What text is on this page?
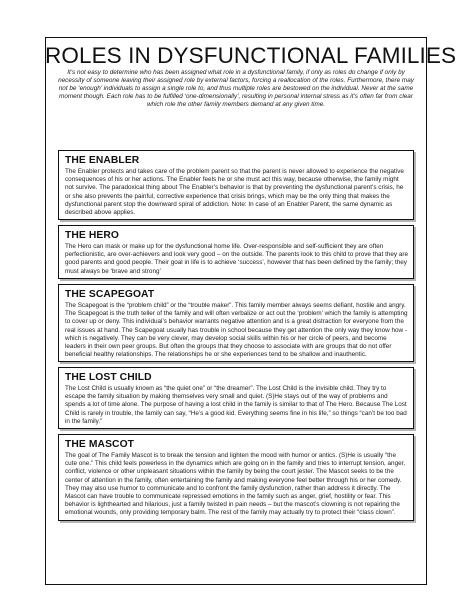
ROLES IN DYSFUNCTIONAL FAMILIES
It’s not easy to determine who has been assigned what role in a dysfunctional family, if only as roles do change if only by necessity of someone leaving their assigned role by external factors, forcing a reallocation of the roles. Furthermore, there may not be ‘enough’ individuals to assign a single role to, and thus multiple roles are bestowed on the individual. Never at the same moment though. Each role has to be fulfilled ‘one-dimensionally’, resulting in personal internal stress as it’s often far from clear which role the other family members demand at any given time.
THE ENABLER

The Enabler protects and takes care of the problem parent so that the parent is never allowed to experience the negative consequences of his or her actions. The Enabler feels he or she must act this way, because otherwise, the family might not survive. The paradoxical thing about The Enabler’s behavior is that by preventing the dysfunctional parent’s crisis, he or she also prevents the painful, corrective experience that crisis brings, which may be the only thing that makes the dysfunctional parent stop the downward spiral of addiction. Note: In case of an Enabler Parent, the same dynamic as described above applies.

THE HERO

The Hero can mask or make up for the dysfunctional home life. Over-responsible and self-sufficient they are often perfectionistic, are over-achievers and look very good – on the outside. The parents look to this child to prove that they are good parents and good people. Their goal in life is to achieve ‘success’, however that has been defined by the family; they must always be ‘brave and strong’

THE SCAPEGOAT

The Scapegoat is the “problem child” or the “trouble maker”. This family member always seems defiant, hostile and angry. The Scapegoat is the truth teller of the family and will often verbalize or act out the ‘problem’ which the family is attempting to cover up or deny. This individual’s behavior warrants negative attention and is a great distraction for everyone from the real issues at hand. The Scapegoat usually has trouble in school because they get attention the only way they know how - which is negatively. They can be very clever, may develop social skills within his or her circle of peers, and become leaders in their own peer groups. But often the groups that they choose to associate with are groups that do not offer beneficial healthy relationships. The relationships he or she experiences tend to be shallow and inauthentic.

THE LOST CHILD

The Lost Child is usually known as “the quiet one” or “the dreamer”. The Lost Child is the invisible child. They try to escape the family situation by making themselves very small and quiet. (S)He stays out of the way of problems and spends a lot of time alone. The purpose of having a lost child in the family is similar to that of The Hero. Because The Lost Child is rarely in trouble, the family can say, “He’s a good kid. Everything seems fine in his life,” so things “can’t be too bad in the family.”

THE MASCOT

The goal of The Family Mascot is to break the tension and lighten the mood with humor or antics. (S)He is usually “the cute one.” This child feels powerless in the dynamics which are going on in the family and tries to interrupt tension, anger, conflict, violence or other unpleasant situations within the family by being the court jester. The Mascot seeks to be the center of attention in the family, often entertaining the family and making everyone feel better through his or her comedy. They may also use humor to communicate and to confront the family dysfunction, rather than address it directly. The Mascot can have trouble to communicate repressed emotions in the family such as anger, grief, hostility or fear. This behavior is lighthearted and hilarious, just a family twisted in pain needs – but the mascot’s clowning is not repairing the emotional wounds, only providing temporary balm. The rest of the family may actually try to protect their “class clown”.
